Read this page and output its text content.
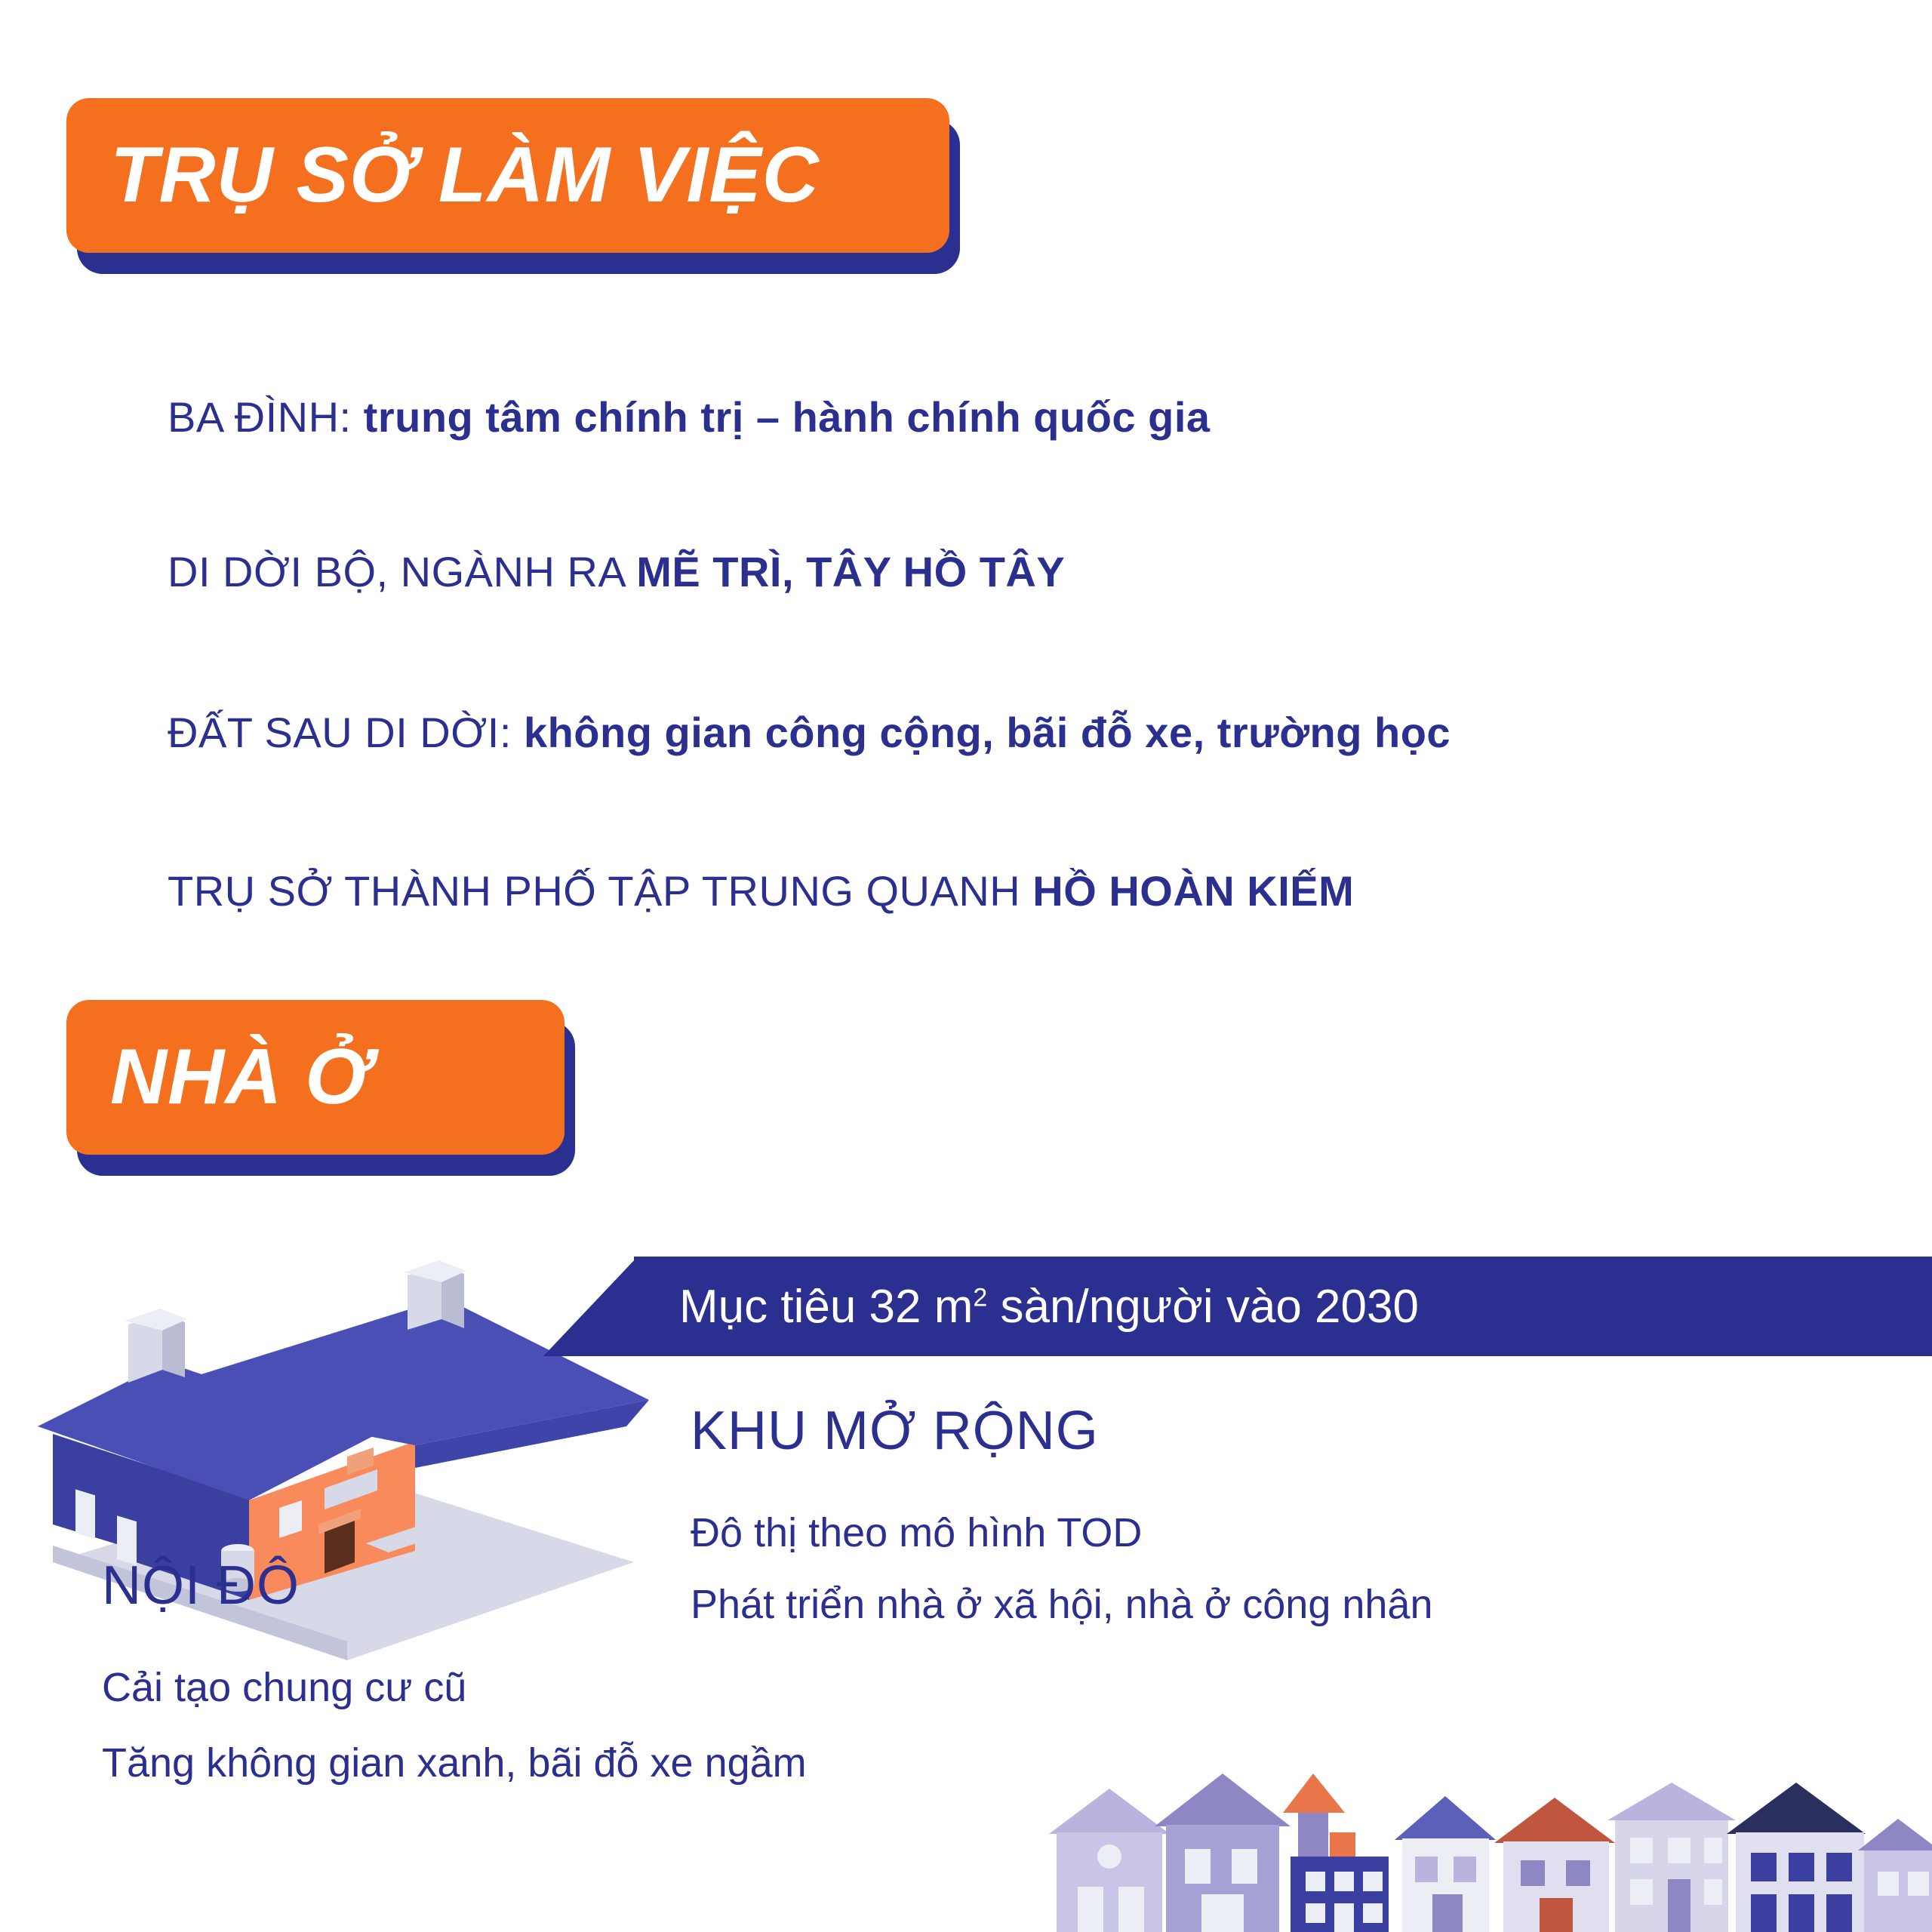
TRỤ SỞ LÀM VIỆC
BA ĐÌNH: trung tâm chính trị – hành chính quốc gia
DI DỜI BỘ, NGÀNH RA MẼ TRÌ, TÂY HỒ TÂY
ĐẤT SAU DI DỜI: không gian công cộng, bãi đỗ xe, trường học
TRỤ SỞ THÀNH PHỐ TẬP TRUNG QUANH HỒ HOÀN KIẾM
NHÀ Ở
Mục tiêu 32 $m^2$ sàn/người vào 2030
KHU MỞ RỘNG
Đô thị theo mô hình TOD
Phát triển nhà ở xã hội, nhà ở công nhân
NỘI ĐÔ
Cải tạo chung cư cũ
Tăng không gian xanh, bãi đỗ xe ngầm
